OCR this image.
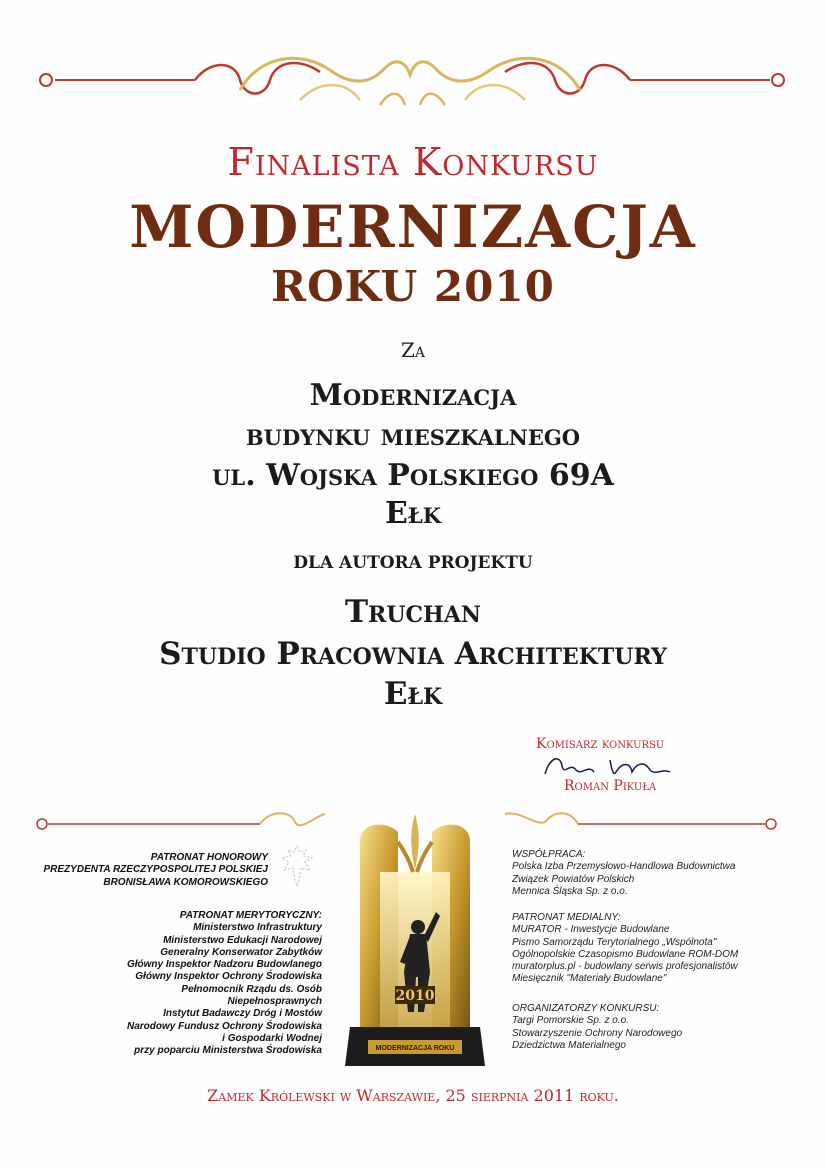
Finalista Konkursu
MODERNIZACJA
ROKU 2010
Za
Modernizacja
budynku mieszkalnego
ul. Wojska Polskiego 69A
Ełk
DLA AUTORA PROJEKTU
Truchan
Studio Pracownia Architektury
Ełk
Komisarz konkursu
Roman Pikuła
PATRONAT HONOROWY
PREZYDENTA RZECZYPOSPOLITEJ POLSKIEJ
BRONISŁAWA KOMOROWSKIEGO
PATRONAT MERYTORYCZNY:
Ministerstwo Infrastruktury
Ministerstwo Edukacji Narodowej
Generalny Konserwator Zabytków
Główny Inspektor Nadzoru Budowlanego
Główny Inspektor Ochrony Środowiska
Pełnomocnik Rządu ds. Osób
Niepełnosprawnych
Instytut Badawczy Dróg i Mostów
Narodowy Fundusz Ochrony Środowiska
i Gospodarki Wodnej
przy poparciu Ministerstwa Środowiska
2010
MODERNIZACJA ROKU
WSPÓŁPRACA:
Polska Izba Przemysłowo-Handlowa Budownictwa
Związek Powiatów Polskich
Mennica Śląska Sp. z o.o.
PATRONAT MEDIALNY:
MURATOR - Inwestycje Budowlane
Pismo Samorządu Terytorialnego „Wspólnota"
Ogólnopolskie Czasopismo Budowlane ROM-DOM
muratorplus.pl - budowlany serwis profesjonalistów
Miesięcznik "Materiały Budowlane"
ORGANIZATORZY KONKURSU:
Targi Pomorskie Sp. z o.o.
Stowarzyszenie Ochrony Narodowego
Dziedzictwa Materialnego
Zamek Królewski w Warszawie, 25 sierpnia 2011 roku.
